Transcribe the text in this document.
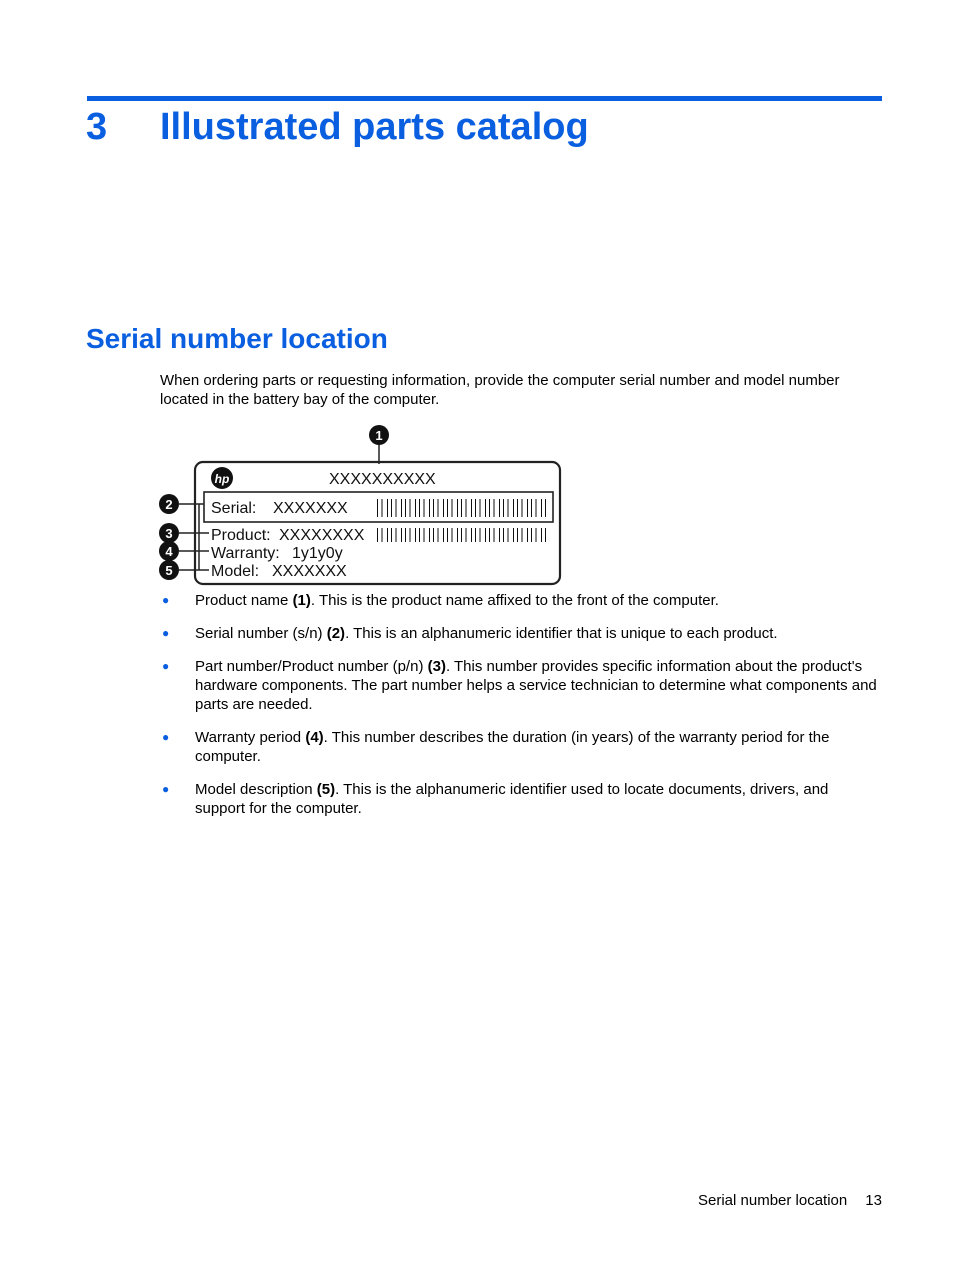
3 Illustrated parts catalog
Serial number location
When ordering parts or requesting information, provide the computer serial number and model number located in the battery bay of the computer.
1
hp	XXXXXXXXXX
Serial: XXXXXXX
Product: XXXXXXXX
Warranty: 1y1y0y
Model: XXXXXXX
2
3
4
5
● Product name (1). This is the product name affixed to the front of the computer.
● Serial number (s/n) (2). This is an alphanumeric identifier that is unique to each product.
● Part number/Product number (p/n) (3). This number provides specific information about the product's hardware components. The part number helps a service technician to determine what components and parts are needed.
● Warranty period (4). This number describes the duration (in years) of the warranty period for the computer.
● Model description (5). This is the alphanumeric identifier used to locate documents, drivers, and support for the computer.
Serial number location 13
